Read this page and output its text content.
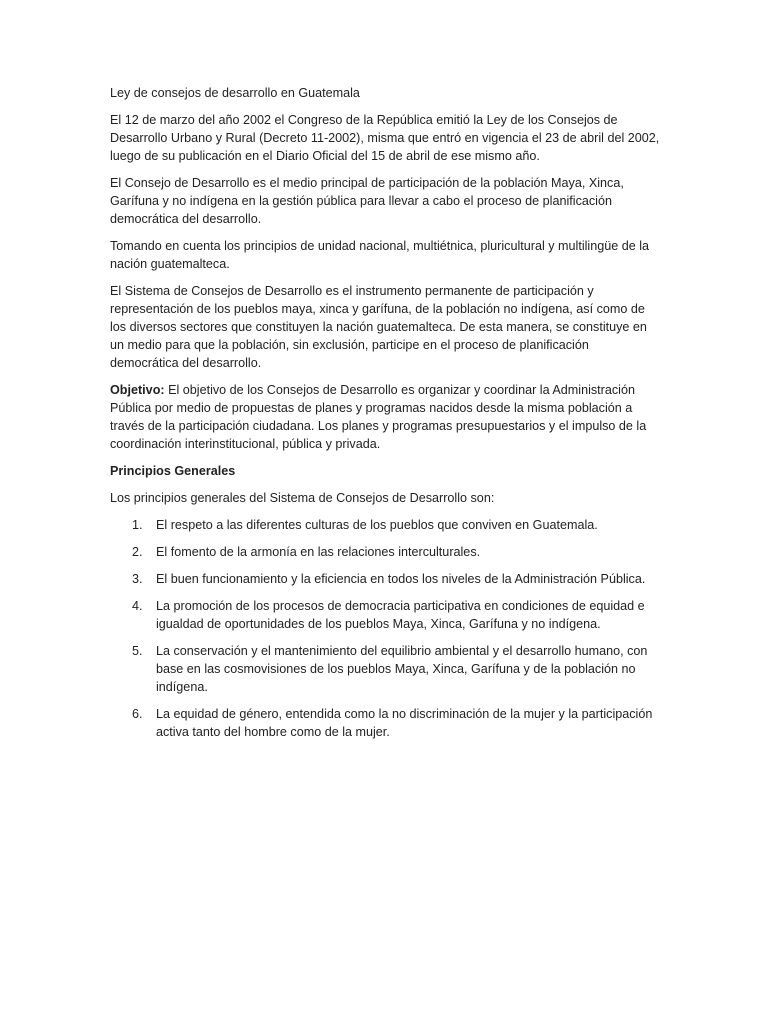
Ley de consejos de desarrollo en Guatemala

El 12 de marzo del año 2002 el Congreso de la República emitió la Ley de los Consejos de Desarrollo Urbano y Rural (Decreto 11-2002), misma que entró en vigencia el 23 de abril del 2002, luego de su publicación en el Diario Oficial del 15 de abril de ese mismo año.

El Consejo de Desarrollo es el medio principal de participación de la población Maya, Xinca, Garífuna y no indígena en la gestión pública para llevar a cabo el proceso de planificación democrática del desarrollo.

Tomando en cuenta los principios de unidad nacional, multiétnica, pluricultural y multilingüe de la nación guatemalteca.

El Sistema de Consejos de Desarrollo es el instrumento permanente de participación y representación de los pueblos maya, xinca y garífuna, de la población no indígena, así como de los diversos sectores que constituyen la nación guatemalteca. De esta manera, se constituye en un medio para que la población, sin exclusión, participe en el proceso de planificación democrática del desarrollo.

Objetivo: El objetivo de los Consejos de Desarrollo es organizar y coordinar la Administración Pública por medio de propuestas de planes y programas nacidos desde la misma población a través de la participación ciudadana. Los planes y programas presupuestarios y el impulso de la coordinación interinstitucional, pública y privada.

Principios Generales

Los principios generales del Sistema de Consejos de Desarrollo son:

1. El respeto a las diferentes culturas de los pueblos que conviven en Guatemala.
2. El fomento de la armonía en las relaciones interculturales.
3. El buen funcionamiento y la eficiencia en todos los niveles de la Administración Pública.
4. La promoción de los procesos de democracia participativa en condiciones de equidad e igualdad de oportunidades de los pueblos Maya, Xinca, Garífuna y no indígena.
5. La conservación y el mantenimiento del equilibrio ambiental y el desarrollo humano, con base en las cosmovisiones de los pueblos Maya, Xinca, Garífuna y de la población no indígena.
6. La equidad de género, entendida como la no discriminación de la mujer y la participación activa tanto del hombre como de la mujer.
